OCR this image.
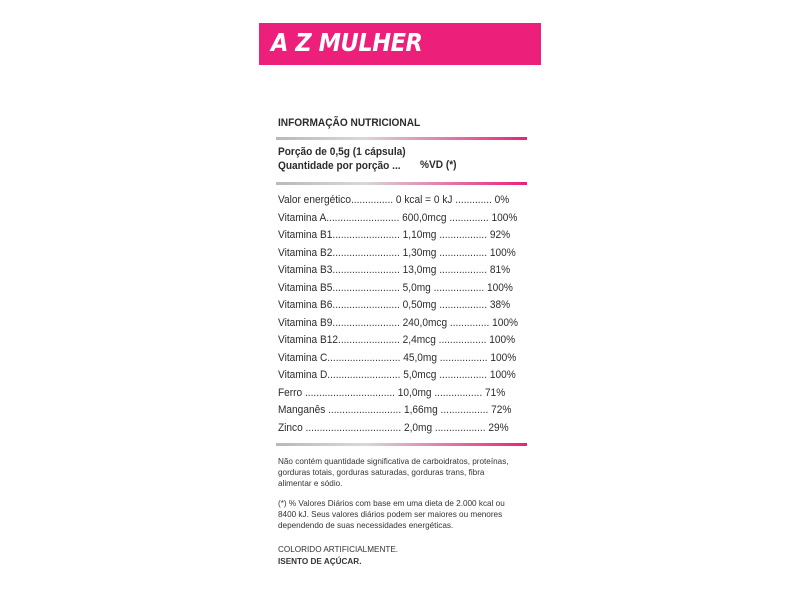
A Z MULHER
INFORMAÇÃO NUTRICIONAL
Porção de 0,5g (1 cápsula)
Quantidade por porção ...	%VD (*)
Valor energético............... 0 kcal = 0 kJ ............. 0%
Vitamina A.......................... 600,0mcg .............. 100%
Vitamina B1........................ 1,10mg ................. 92%
Vitamina B2........................ 1,30mg ................. 100%
Vitamina B3........................ 13,0mg ................. 81%
Vitamina B5........................ 5,0mg .................. 100%
Vitamina B6........................ 0,50mg ................. 38%
Vitamina B9........................ 240,0mcg .............. 100%
Vitamina B12...................... 2,4mcg ................. 100%
Vitamina C.......................... 45,0mg ................. 100%
Vitamina D.......................... 5,0mcg ................. 100%
Ferro ................................ 10,0mg ................. 71%
Manganês .......................... 1,66mg ................. 72%
Zinco .................................. 2,0mg .................. 29%
Não contém quantidade significativa de carboidratos, proteínas, gorduras totais, gorduras saturadas, gorduras trans, fibra alimentar e sódio.
(*) % Valores Diários com base em uma dieta de 2.000 kcal ou 8400 kJ. Seus valores diários podem ser maiores ou menores dependendo de suas necessidades energéticas.
COLORIDO ARTIFICIALMENTE.
ISENTO DE AÇÚCAR.
